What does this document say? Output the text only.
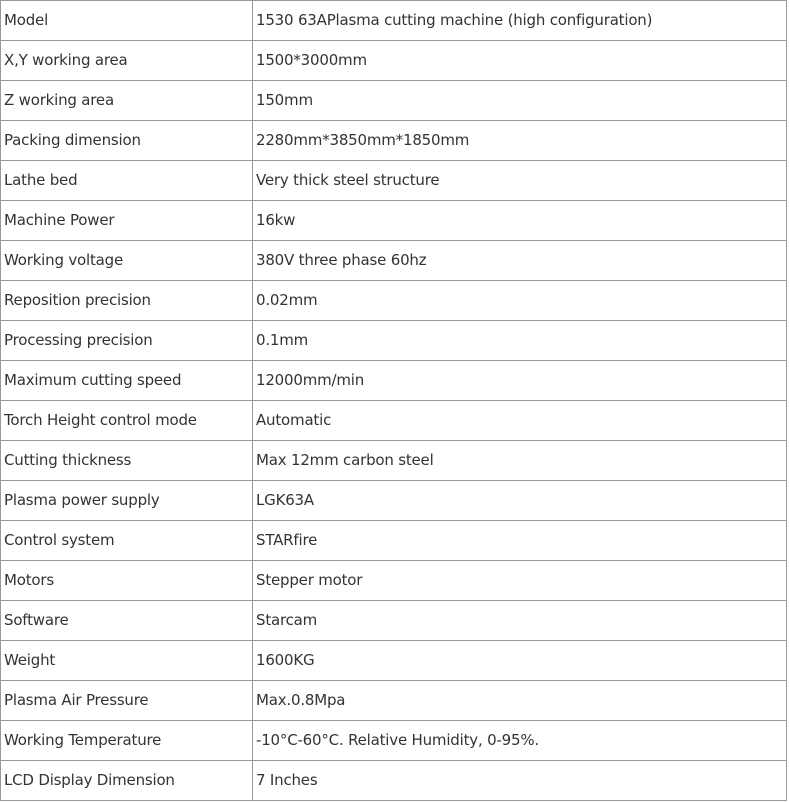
Model	1530 63APlasma cutting machine (high configuration)
X,Y working area	1500*3000mm
Z working area	150mm
Packing dimension	2280mm*3850mm*1850mm
Lathe bed	Very thick steel structure
Machine Power	16kw
Working voltage	380V three phase 60hz
Reposition precision	0.02mm
Processing precision	0.1mm
Maximum cutting speed	12000mm/min
Torch Height control mode	Automatic
Cutting thickness	Max 12mm carbon steel
Plasma power supply	LGK63A
Control system	STARfire
Motors	Stepper motor
Software	Starcam
Weight	1600KG
Plasma Air Pressure	Max.0.8Mpa
Working Temperature	-10°C-60°C. Relative Humidity, 0-95%.
LCD Display Dimension	7 Inches
